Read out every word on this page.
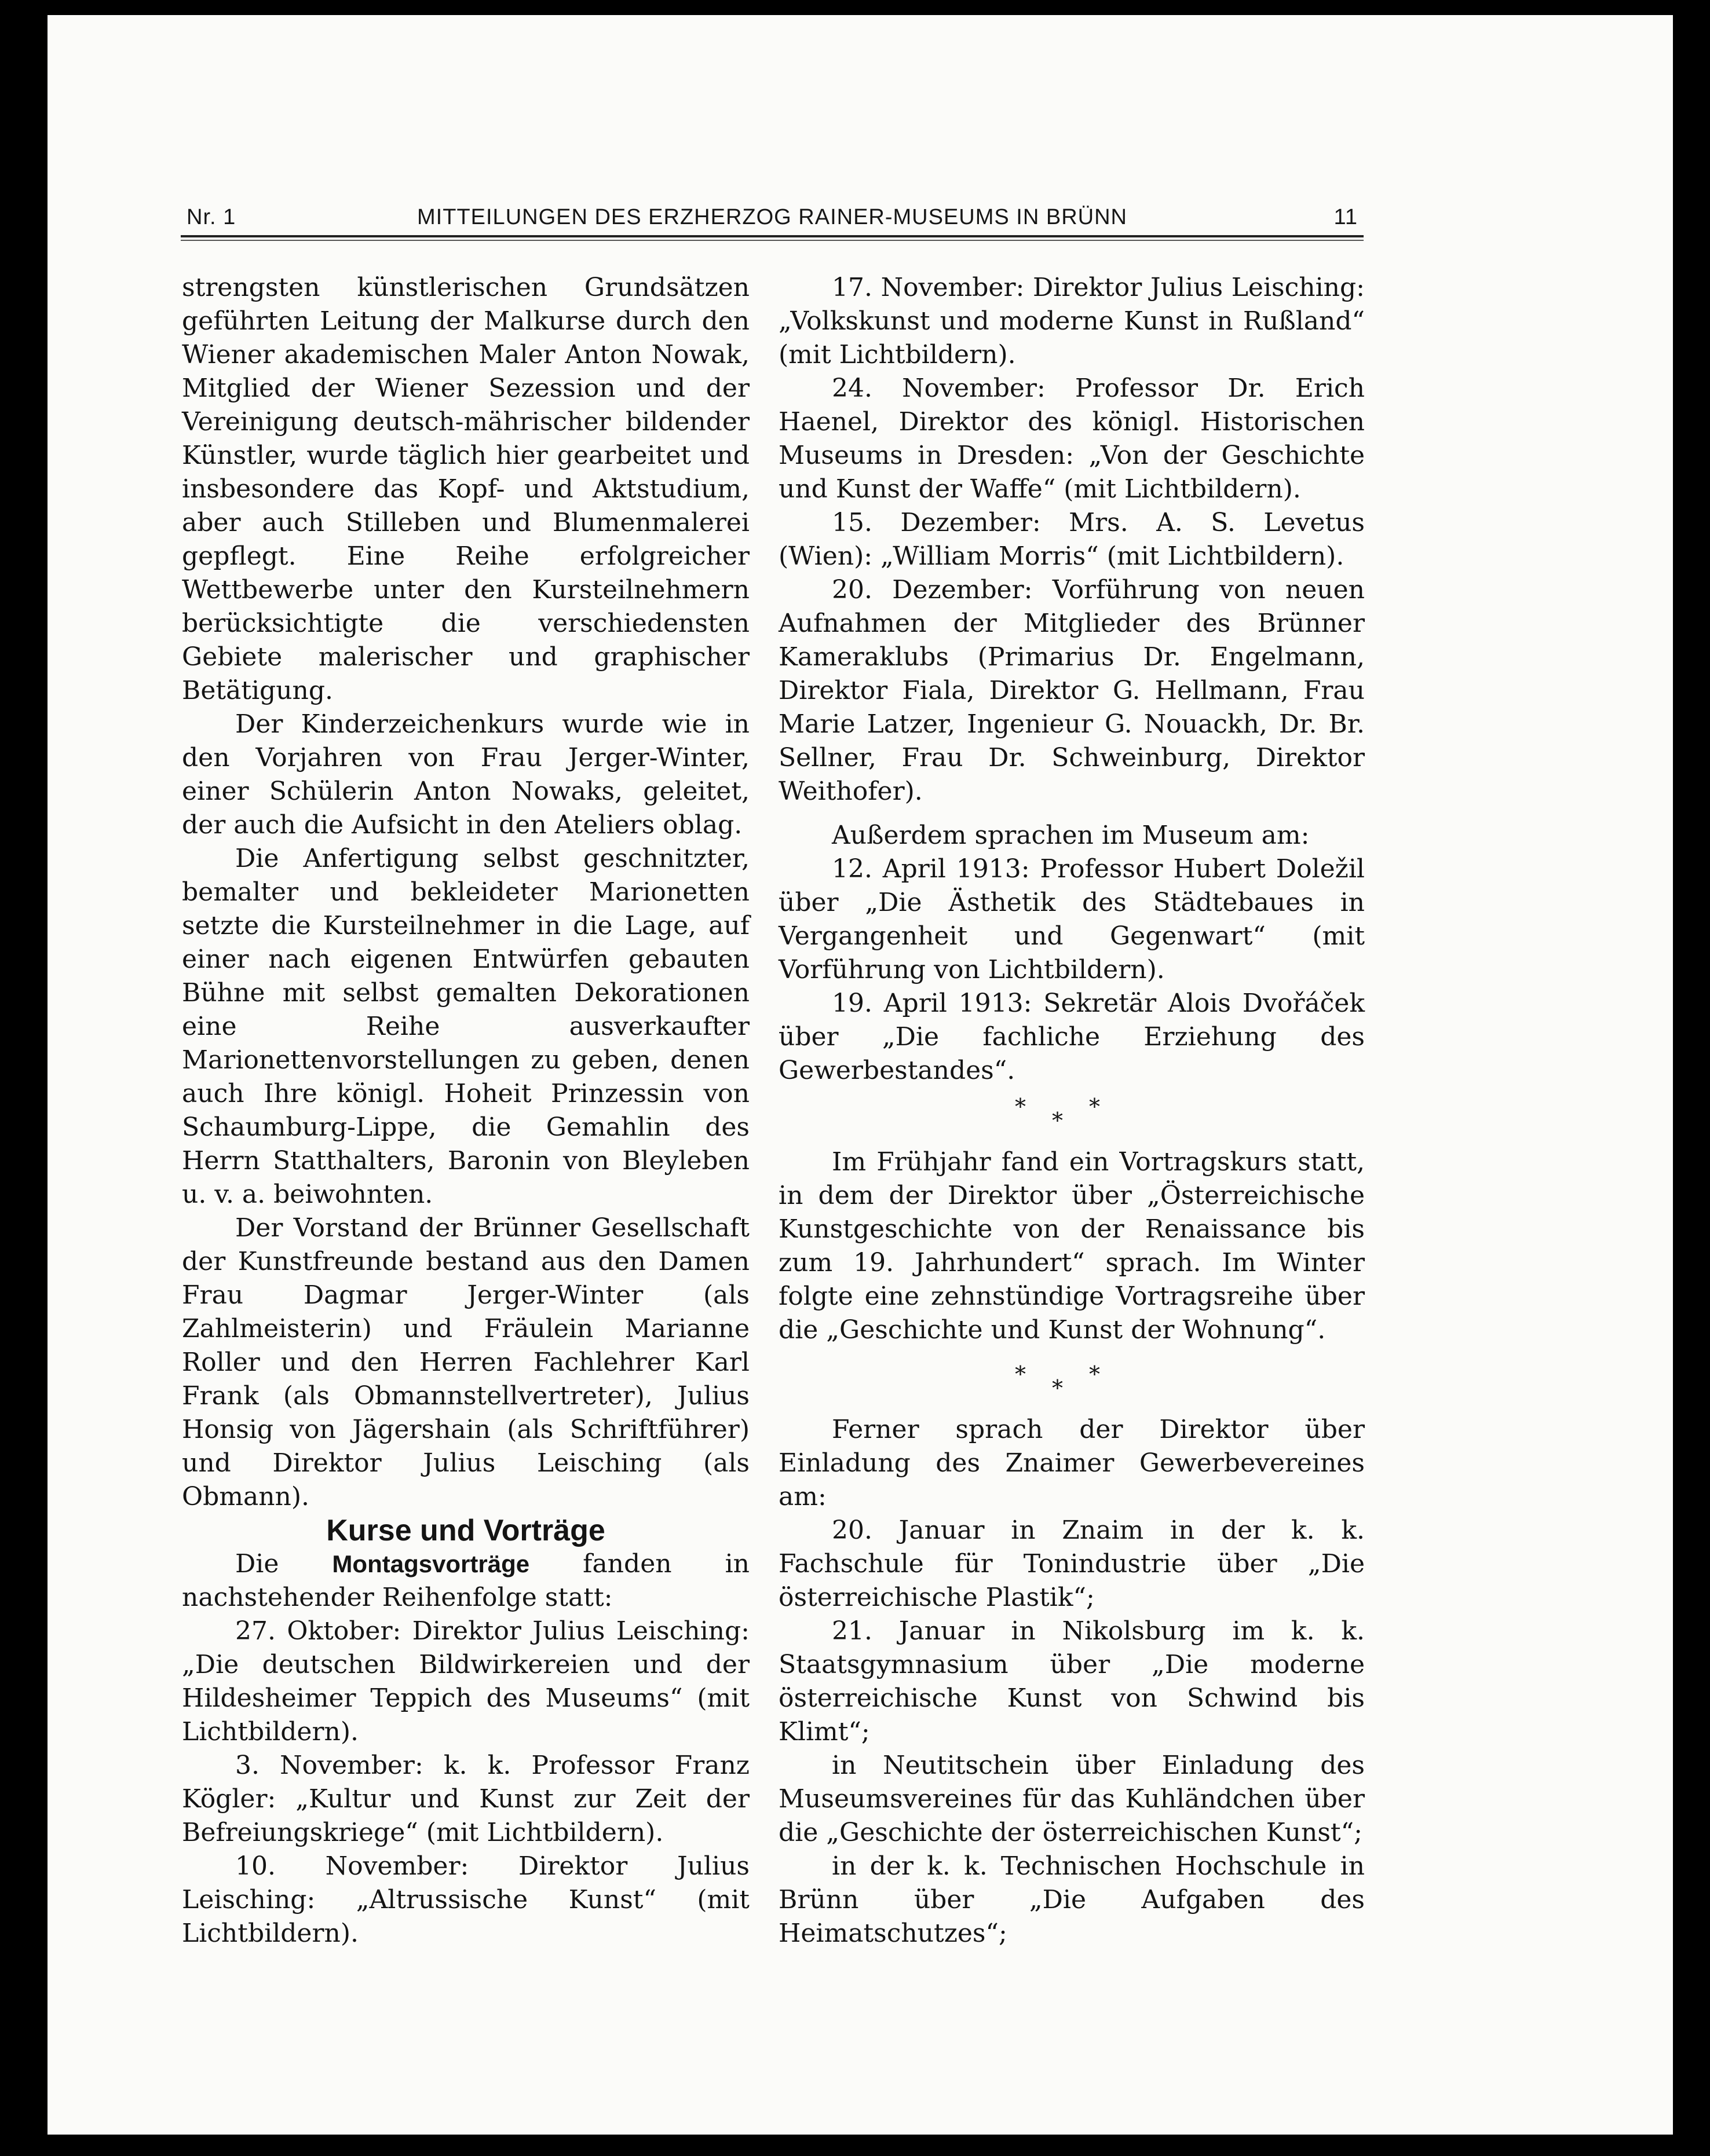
Nr. 1	MITTEILUNGEN DES ERZHERZOG RAINER-MUSEUMS IN BRÜNN	11

strengsten künstlerischen Grundsätzen geführten Leitung der Malkurse durch den Wiener akademischen Maler Anton Nowak, Mitglied der Wiener Sezession und der Vereinigung deutsch-mährischer bildender Künstler, wurde täglich hier gearbeitet und insbesondere das Kopf- und Aktstudium, aber auch Stilleben und Blumenmalerei gepflegt. Eine Reihe erfolgreicher Wettbewerbe unter den Kursteilnehmern berücksichtigte die verschiedensten Gebiete malerischer und graphischer Betätigung.

Der Kinderzeichenkurs wurde wie in den Vorjahren von Frau Jerger-Winter, einer Schülerin Anton Nowaks, geleitet, der auch die Aufsicht in den Ateliers oblag.

Die Anfertigung selbst geschnitzter, bemalter und bekleideter Marionetten setzte die Kursteilnehmer in die Lage, auf einer nach eigenen Entwürfen gebauten Bühne mit selbst gemalten Dekorationen eine Reihe ausverkaufter Marionettenvorstellungen zu geben, denen auch Ihre königl. Hoheit Prinzessin von Schaumburg-Lippe, die Gemahlin des Herrn Statthalters, Baronin von Bleyleben u. v. a. beiwohnten.

Der Vorstand der Brünner Gesellschaft der Kunstfreunde bestand aus den Damen Frau Dagmar Jerger-Winter (als Zahlmeisterin) und Fräulein Marianne Roller und den Herren Fachlehrer Karl Frank (als Obmannstellvertreter), Julius Honsig von Jägershain (als Schriftführer) und Direktor Julius Leisching (als Obmann).

Kurse und Vorträge

Die Montagsvorträge fanden in nachstehender Reihenfolge statt:

27. Oktober: Direktor Julius Leisching: „Die deutschen Bildwirkereien und der Hildesheimer Teppich des Museums“ (mit Lichtbildern).

3. November: k. k. Professor Franz Kögler: „Kultur und Kunst zur Zeit der Befreiungskriege“ (mit Lichtbildern).

10. November: Direktor Julius Leisching: „Altrussische Kunst“ (mit Lichtbildern).

17. November: Direktor Julius Leisching: „Volkskunst und moderne Kunst in Rußland“ (mit Lichtbildern).

24. November: Professor Dr. Erich Haenel, Direktor des königl. Historischen Museums in Dresden: „Von der Geschichte und Kunst der Waffe“ (mit Lichtbildern).

15. Dezember: Mrs. A. S. Levetus (Wien): „William Morris“ (mit Lichtbildern).

20. Dezember: Vorführung von neuen Aufnahmen der Mitglieder des Brünner Kameraklubs (Primarius Dr. Engelmann, Direktor Fiala, Direktor G. Hellmann, Frau Marie Latzer, Ingenieur G. Nouackh, Dr. Br. Sellner, Frau Dr. Schweinburg, Direktor Weithofer).

Außerdem sprachen im Museum am:

12. April 1913: Professor Hubert Doležil über „Die Ästhetik des Städtebaues in Vergangenheit und Gegenwart“ (mit Vorführung von Lichtbildern).

19. April 1913: Sekretär Alois Dvořáček über „Die fachliche Erziehung des Gewerbestandes“.

*
*
*

Im Frühjahr fand ein Vortragskurs statt, in dem der Direktor über „Österreichische Kunstgeschichte von der Renaissance bis zum 19. Jahrhundert“ sprach. Im Winter folgte eine zehnstündige Vortragsreihe über die „Geschichte und Kunst der Wohnung“.

*
*
*

Ferner sprach der Direktor über Einladung des Znaimer Gewerbevereines am:

20. Januar in Znaim in der k. k. Fachschule für Tonindustrie über „Die österreichische Plastik“;

21. Januar in Nikolsburg im k. k. Staatsgymnasium über „Die moderne österreichische Kunst von Schwind bis Klimt“;

in Neutitschein über Einladung des Museumsvereines für das Kuhländchen über die „Geschichte der österreichischen Kunst“;

in der k. k. Technischen Hochschule in Brünn über „Die Aufgaben des Heimatschutzes“;
